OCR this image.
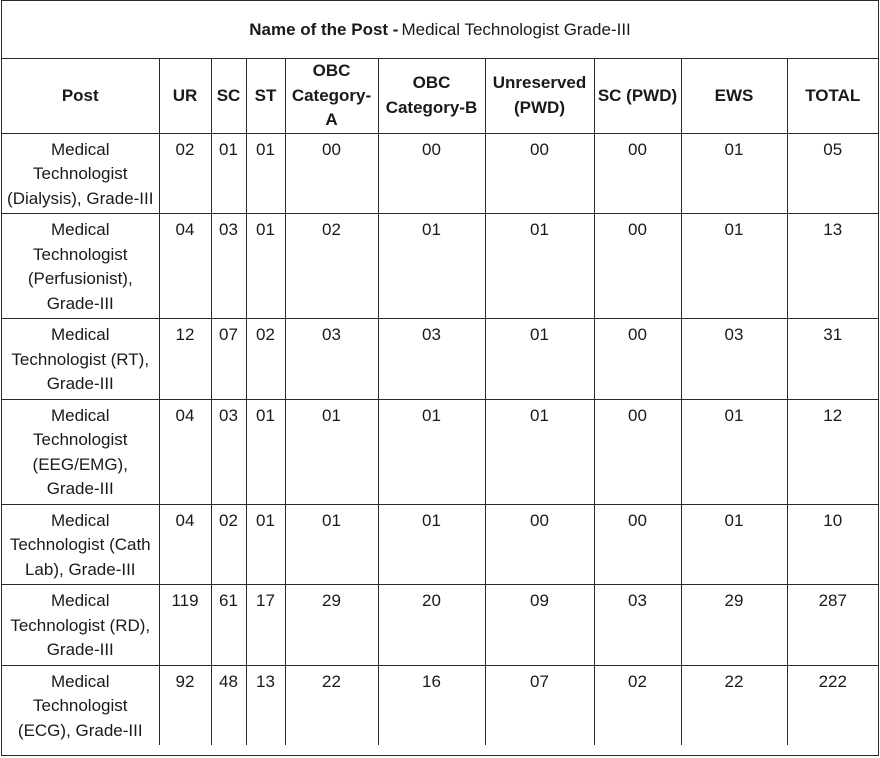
Name of the Post - Medical Technologist Grade-III
Post	UR	SC	ST	OBC Category-A	OBC Category-B	Unreserved (PWD)	SC (PWD)	EWS	TOTAL
Medical Technologist (Dialysis), Grade-III	02	01	01	00	00	00	00	01	05
Medical Technologist (Perfusionist), Grade-III	04	03	01	02	01	01	00	01	13
Medical Technologist (RT), Grade-III	12	07	02	03	03	01	00	03	31
Medical Technologist (EEG/EMG), Grade-III	04	03	01	01	01	01	00	01	12
Medical Technologist (Cath Lab), Grade-III	04	02	01	01	01	00	00	01	10
Medical Technologist (RD), Grade-III	119	61	17	29	20	09	03	29	287
Medical Technologist (ECG), Grade-III	92	48	13	22	16	07	02	22	222
